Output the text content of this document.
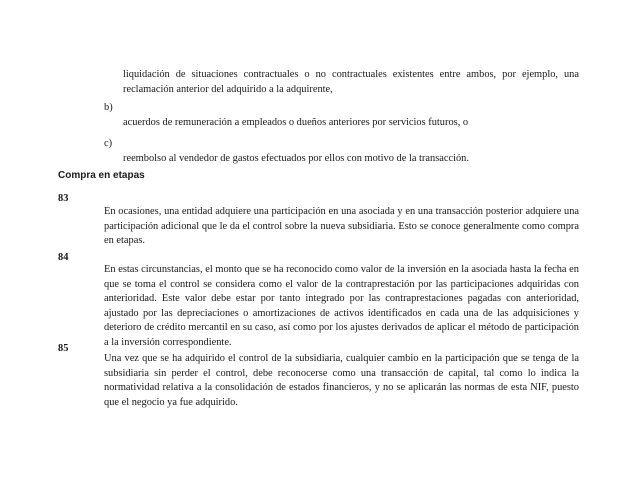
liquidación de situaciones contractuales o no contractuales existentes entre ambos, por ejemplo, una reclamación anterior del adquirido a la adquirente,
b)
acuerdos de remuneración a empleados o dueños anteriores por servicios futuros, o
c)
reembolso al vendedor de gastos efectuados por ellos con motivo de la transacción.
Compra en etapas
83
En ocasiones, una entidad adquiere una participación en una asociada y en una transacción posterior adquiere una participación adicional que le da el control sobre la nueva subsidiaria. Esto se conoce generalmente como compra en etapas.
84
En estas circunstancias, el monto que se ha reconocido como valor de la inversión en la asociada hasta la fecha en que se toma el control se considera como el valor de la contraprestación por las participaciones adquiridas con anterioridad. Este valor debe estar por tanto integrado por las contraprestaciones pagadas con anterioridad, ajustado por las depreciaciones o amortizaciones de activos identificados en cada una de las adquisiciones y deterioro de crédito mercantil en su caso, así como por los ajustes derivados de aplicar el método de participación a la inversión correspondiente.
85
Una vez que se ha adquirido el control de la subsidiaria, cualquier cambio en la participación que se tenga de la subsidiaria sin perder el control, debe reconocerse como una transacción de capital, tal como lo indica la normatividad relativa a la consolidación de estados financieros, y no se aplicarán las normas de esta NIF, puesto que el negocio ya fue adquirido.
